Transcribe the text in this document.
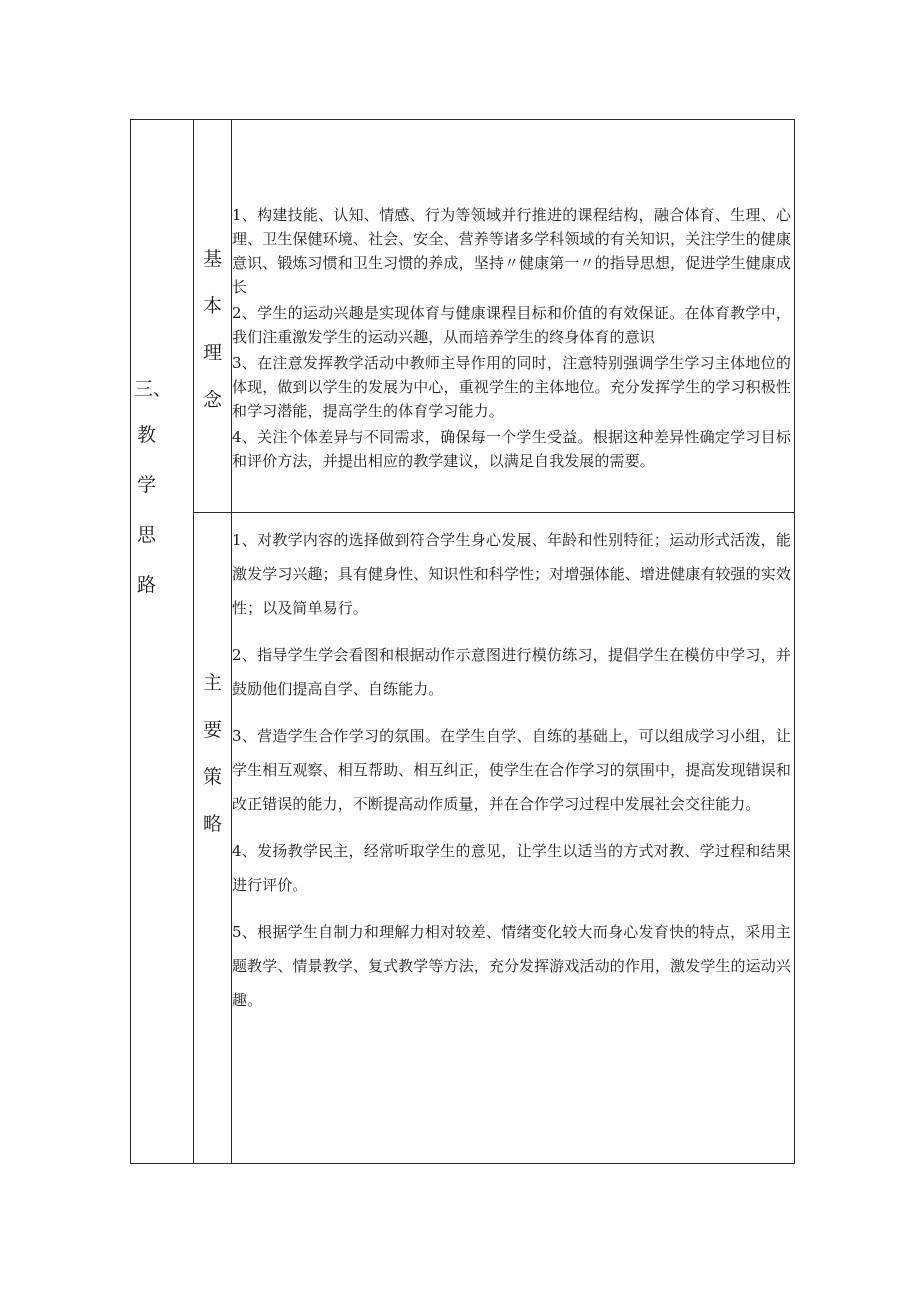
三、
教
学
思
路
基
本
理
念

1、构建技能、认知、情感、行为等领域并行推进的课程结构，融合体育、生理、心理、卫生保健环境、社会、安全、营养等诸多学科领域的有关知识，关注学生的健康意识、锻炼习惯和卫生习惯的养成，坚持〃健康第一〃的指导思想，促进学生健康成长

2、学生的运动兴趣是实现体育与健康课程目标和价值的有效保证。在体育教学中，我们注重激发学生的运动兴趣，从而培养学生的终身体育的意识

3、在注意发挥教学活动中教师主导作用的同时，注意特别强调学生学习主体地位的体现，做到以学生的发展为中心，重视学生的主体地位。充分发挥学生的学习积极性和学习潜能，提高学生的体育学习能力。

4、关注个体差异与不同需求，确保每一个学生受益。根据这种差异性确定学习目标和评价方法，并提出相应的教学建议，以满足自我发展的需要。

主
要
策
略

1、对教学内容的选择做到符合学生身心发展、年龄和性别特征；运动形式活泼，能激发学习兴趣；具有健身性、知识性和科学性；对增强体能、增进健康有较强的实效性；以及简单易行。

2、指导学生学会看图和根据动作示意图进行模仿练习，提倡学生在模仿中学习，并鼓励他们提高自学、自练能力。

3、营造学生合作学习的氛围。在学生自学、自练的基础上，可以组成学习小组，让学生相互观察、相互帮助、相互纠正，使学生在合作学习的氛围中，提高发现错误和改正错误的能力，不断提高动作质量，并在合作学习过程中发展社会交往能力。

4、发扬教学民主，经常听取学生的意见，让学生以适当的方式对教、学过程和结果进行评价。

5、根据学生自制力和理解力相对较差、情绪变化较大而身心发育快的特点，采用主题教学、情景教学、复式教学等方法，充分发挥游戏活动的作用，激发学生的运动兴趣。
